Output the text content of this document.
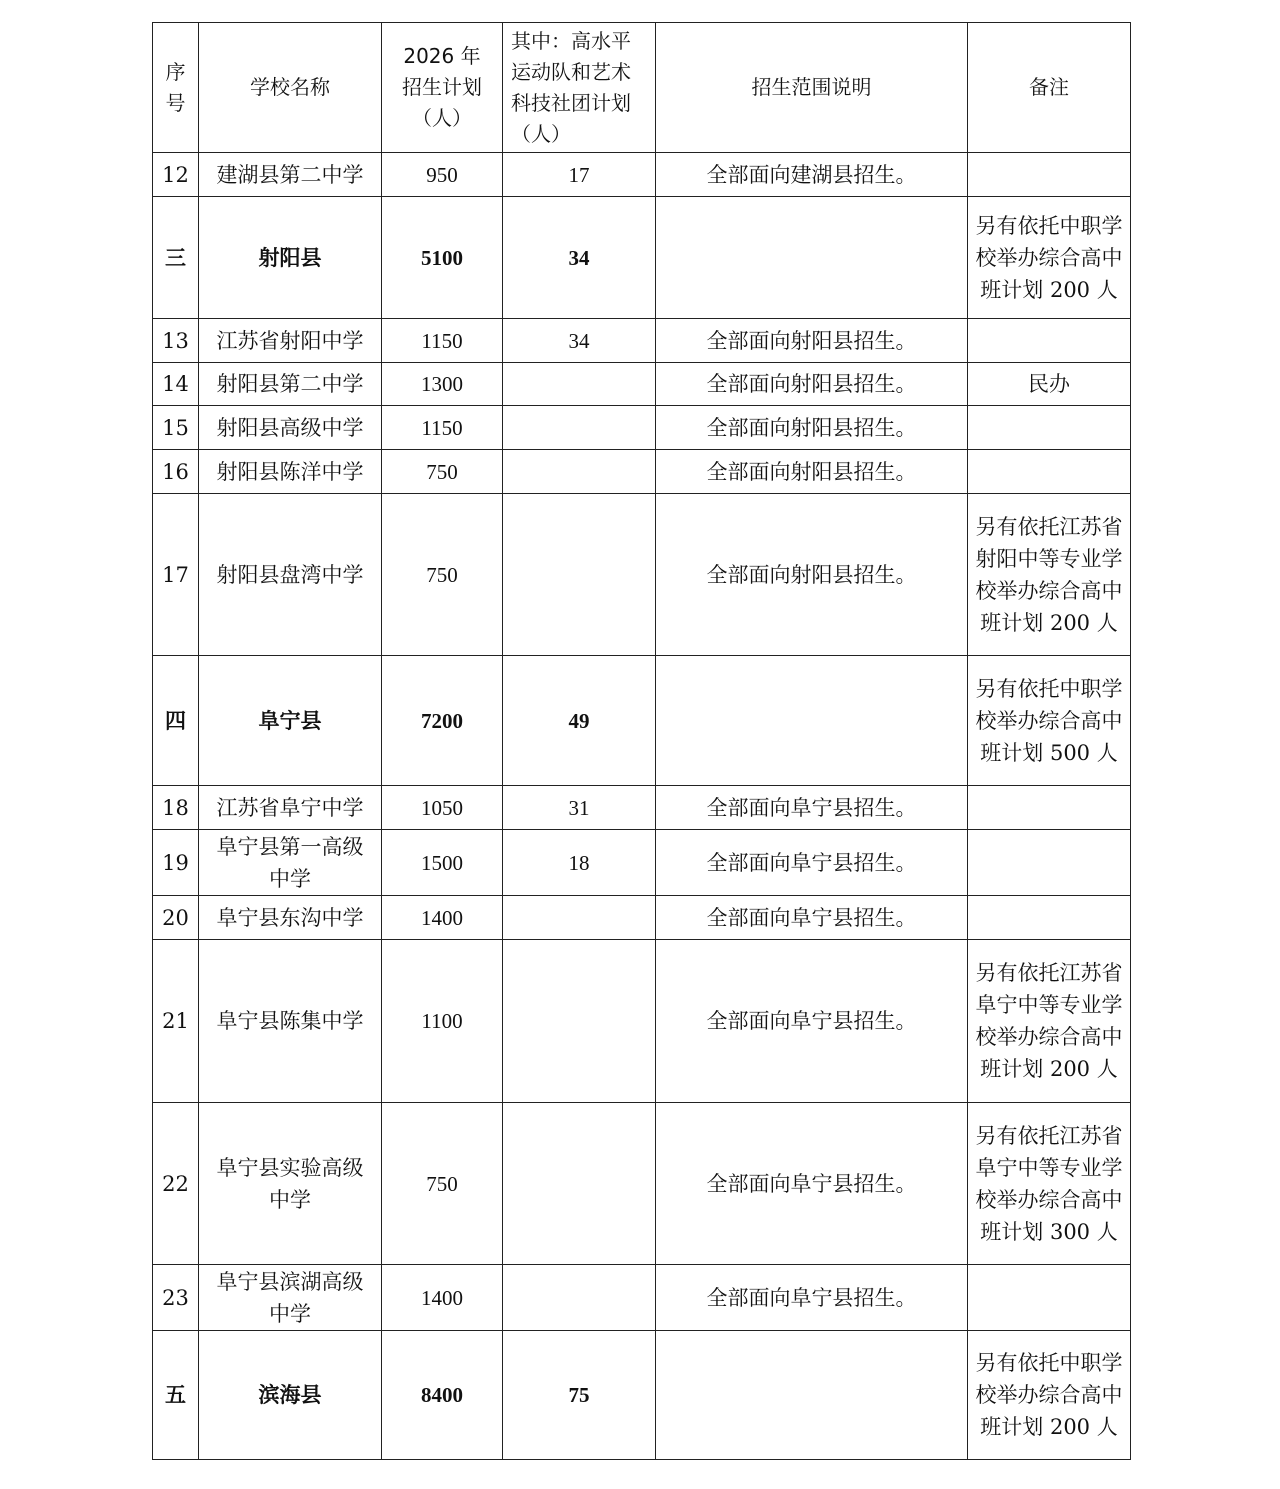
序号	学校名称	2026 年招生计划（人）	其中：高水平运动队和艺术科技社团计划（人）	招生范围说明	备注
12	建湖县第二中学	950	17	全部面向建湖县招生。	
三	射阳县	5100	34		另有依托中职学校举办综合高中班计划 200 人
13	江苏省射阳中学	1150	34	全部面向射阳县招生。	
14	射阳县第二中学	1300		全部面向射阳县招生。	民办
15	射阳县高级中学	1150		全部面向射阳县招生。	
16	射阳县陈洋中学	750		全部面向射阳县招生。	
17	射阳县盘湾中学	750		全部面向射阳县招生。	另有依托江苏省射阳中等专业学校举办综合高中班计划 200 人
四	阜宁县	7200	49		另有依托中职学校举办综合高中班计划 500 人
18	江苏省阜宁中学	1050	31	全部面向阜宁县招生。	
19	阜宁县第一高级中学	1500	18	全部面向阜宁县招生。	
20	阜宁县东沟中学	1400		全部面向阜宁县招生。	
21	阜宁县陈集中学	1100		全部面向阜宁县招生。	另有依托江苏省阜宁中等专业学校举办综合高中班计划 200 人
22	阜宁县实验高级中学	750		全部面向阜宁县招生。	另有依托江苏省阜宁中等专业学校举办综合高中班计划 300 人
23	阜宁县滨湖高级中学	1400		全部面向阜宁县招生。	
五	滨海县	8400	75		另有依托中职学校举办综合高中班计划 200 人
